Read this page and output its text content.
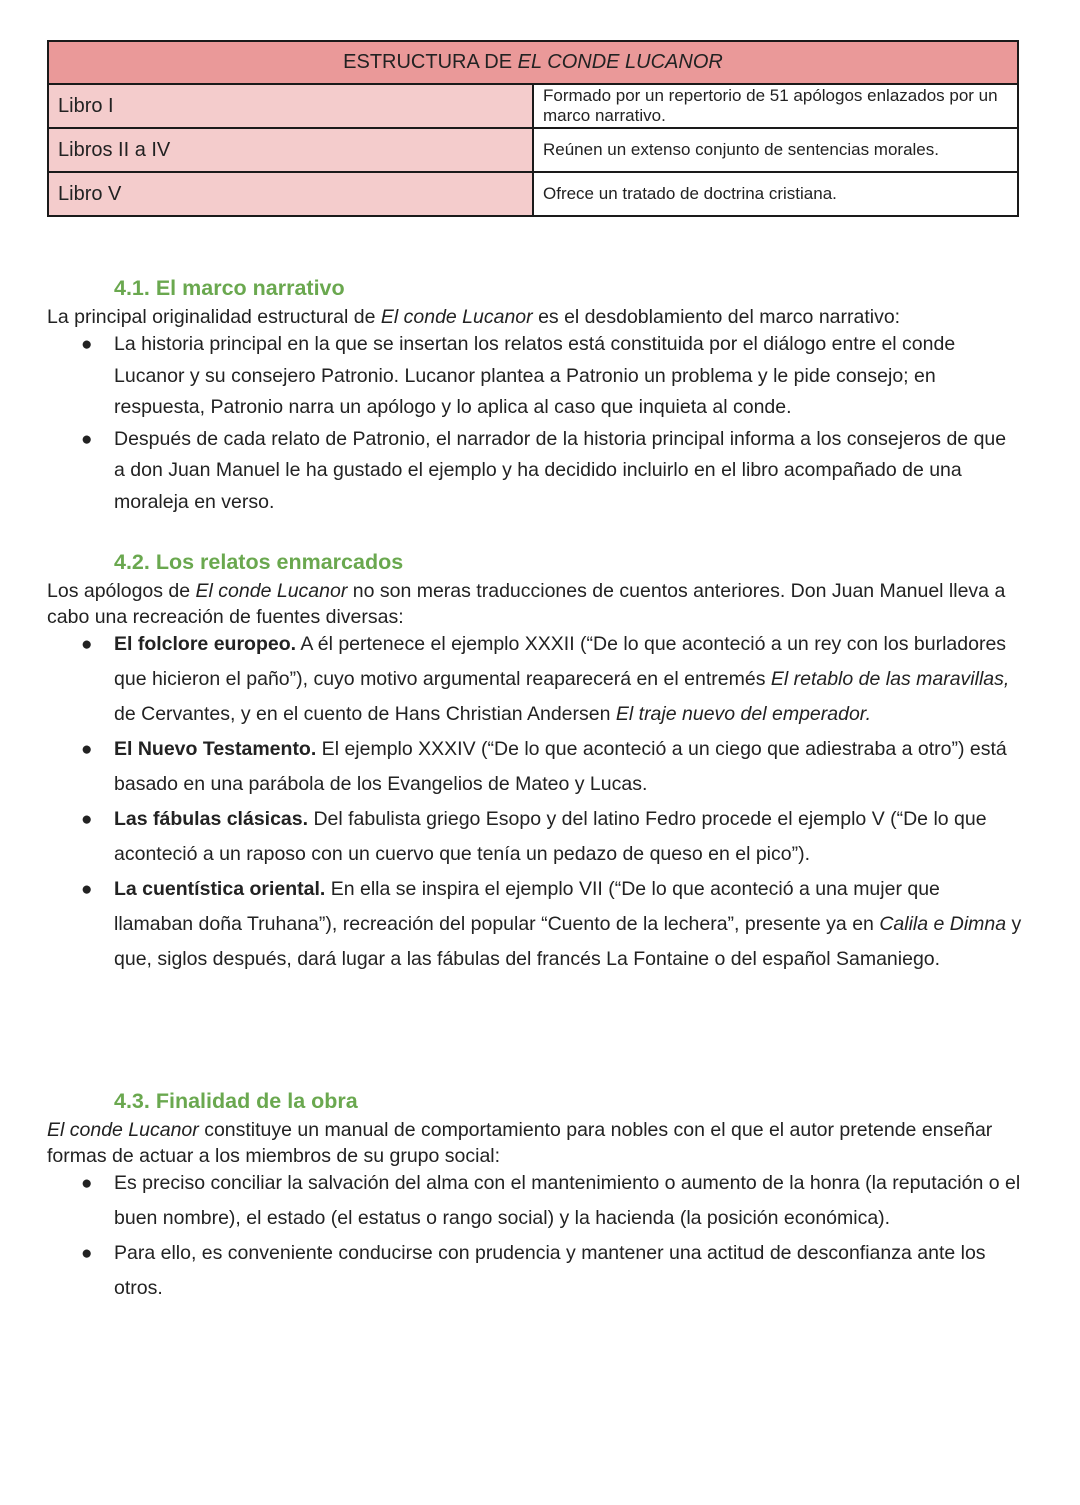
ESTRUCTURA DE EL CONDE LUCANOR	
Libro I	Formado por un repertorio de 51 apólogos enlazados por un marco narrativo.
Libros II a IV	Reúnen un extenso conjunto de sentencias morales.
Libro V	Ofrece un tratado de doctrina cristiana.
4.1. El marco narrativo
La principal originalidad estructural de El conde Lucanor es el desdoblamiento del marco narrativo:
● La historia principal en la que se insertan los relatos está constituida por el diálogo entre el conde Lucanor y su consejero Patronio. Lucanor plantea a Patronio un problema y le pide consejo; en respuesta, Patronio narra un apólogo y lo aplica al caso que inquieta al conde.
● Después de cada relato de Patronio, el narrador de la historia principal informa a los consejeros de que a don Juan Manuel le ha gustado el ejemplo y ha decidido incluirlo en el libro acompañado de una moraleja en verso.
4.2. Los relatos enmarcados
Los apólogos de El conde Lucanor no son meras traducciones de cuentos anteriores. Don Juan Manuel lleva a cabo una recreación de fuentes diversas:
● El folclore europeo. A él pertenece el ejemplo XXXII (“De lo que aconteció a un rey con los burladores que hicieron el paño”), cuyo motivo argumental reaparecerá en el entremés El retablo de las maravillas, de Cervantes, y en el cuento de Hans Christian Andersen El traje nuevo del emperador.
● El Nuevo Testamento. El ejemplo XXXIV (“De lo que aconteció a un ciego que adiestraba a otro”) está basado en una parábola de los Evangelios de Mateo y Lucas.
● Las fábulas clásicas. Del fabulista griego Esopo y del latino Fedro procede el ejemplo V (“De lo que aconteció a un raposo con un cuervo que tenía un pedazo de queso en el pico”).
● La cuentística oriental. En ella se inspira el ejemplo VII (“De lo que aconteció a una mujer que llamaban doña Truhana”), recreación del popular “Cuento de la lechera”, presente ya en Calila e Dimna y que, siglos después, dará lugar a las fábulas del francés La Fontaine o del español Samaniego.
4.3. Finalidad de la obra
El conde Lucanor constituye un manual de comportamiento para nobles con el que el autor pretende enseñar formas de actuar a los miembros de su grupo social:
● Es preciso conciliar la salvación del alma con el mantenimiento o aumento de la honra (la reputación o el buen nombre), el estado (el estatus o rango social) y la hacienda (la posición económica).
● Para ello, es conveniente conducirse con prudencia y mantener una actitud de desconfianza ante los otros.
